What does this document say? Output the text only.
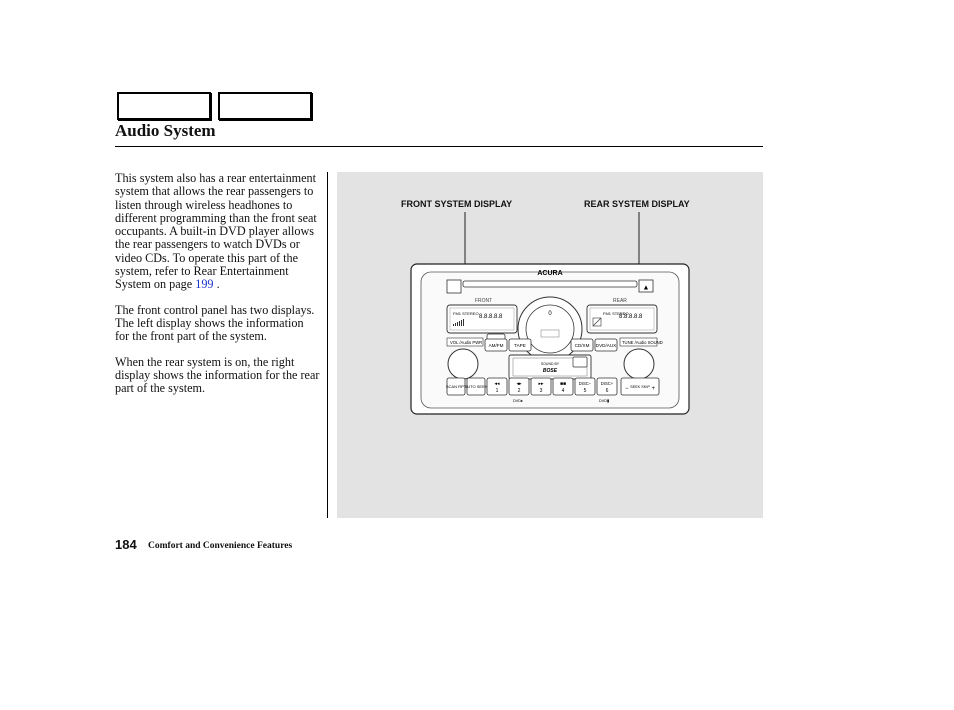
Audio System

This system also has a rear entertainment system that allows the rear passengers to listen through wireless headhones to different programming than the front seat occupants. A built-in DVD player allows the rear passengers to watch DVDs or video CDs. To operate this part of the system, refer to Rear Entertainment System on page 199 .

The front control panel has two displays. The left display shows the information for the front part of the system.

When the rear system is on, the right display shows the information for the rear part of the system.

FRONT SYSTEM DISPLAY	REAR SYSTEM DISPLAY
ACURA
▲
FRONT	REAR
FM1 STEREO
8.8.8.8.8
FM1 STEREO
8.8.8.8.8
0
VOL /Audio PWR	TUNE /Audio SOUND
AM/FM TAPE	CD/XM DVD/AUX
SOUND BY
BOSE
SCAN RPT
AUTO SEEK ◂◂
1
◂▸
2
▸▸
3
■■
4
DISC−
5
DISC+
6	− SEEK SKIP +
DVD▸	DVD▮
184 Comfort and Convenience Features
